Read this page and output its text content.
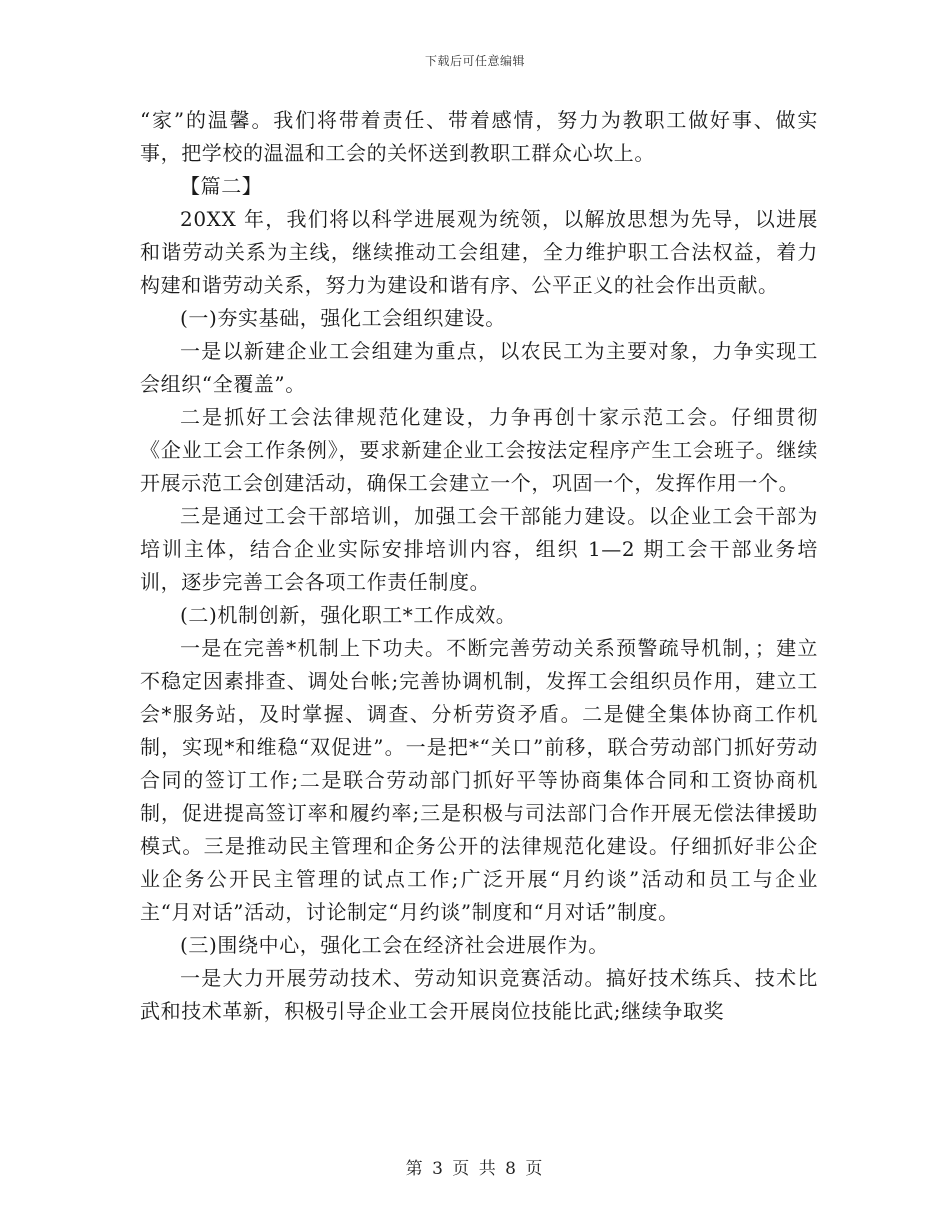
下载后可任意编辑

“家”的温馨。我们将带着责任、带着感情，努力为教职工做好事、做实事，把学校的温温和工会的关怀送到教职工群众心坎上。

【篇二】

20XX 年，我们将以科学进展观为统领，以解放思想为先导，以进展和谐劳动关系为主线，继续推动工会组建，全力维护职工合法权益，着力构建和谐劳动关系，努力为建设和谐有序、公平正义的社会作出贡献。

(一)夯实基础，强化工会组织建设。

一是以新建企业工会组建为重点，以农民工为主要对象，力争实现工会组织“全覆盖”。

二是抓好工会法律规范化建设，力争再创十家示范工会。仔细贯彻《企业工会工作条例》，要求新建企业工会按法定程序产生工会班子。继续开展示范工会创建活动，确保工会建立一个，巩固一个，发挥作用一个。

三是通过工会干部培训，加强工会干部能力建设。以企业工会干部为培训主体，结合企业实际安排培训内容，组织 1—2 期工会干部业务培训，逐步完善工会各项工作责任制度。

(二)机制创新，强化职工*工作成效。

一是在完善*机制上下功夫。不断完善劳动关系预警疏导机制，；建立不稳定因素排查、调处台帐;完善协调机制，发挥工会组织员作用，建立工会*服务站，及时掌握、调查、分析劳资矛盾。二是健全集体协商工作机制，实现*和维稳“双促进”。一是把*“关口”前移，联合劳动部门抓好劳动合同的签订工作;二是联合劳动部门抓好平等协商集体合同和工资协商机制，促进提高签订率和履约率;三是积极与司法部门合作开展无偿法律援助模式。三是推动民主管理和企务公开的法律规范化建设。仔细抓好非公企业企务公开民主管理的试点工作;广泛开展“月约谈”活动和员工与企业主“月对话”活动，讨论制定“月约谈”制度和“月对话”制度。

(三)围绕中心，强化工会在经济社会进展作为。

一是大力开展劳动技术、劳动知识竞赛活动。搞好技术练兵、技术比武和技术革新，积极引导企业工会开展岗位技能比武;继续争取奖

第 3 页 共 8 页
